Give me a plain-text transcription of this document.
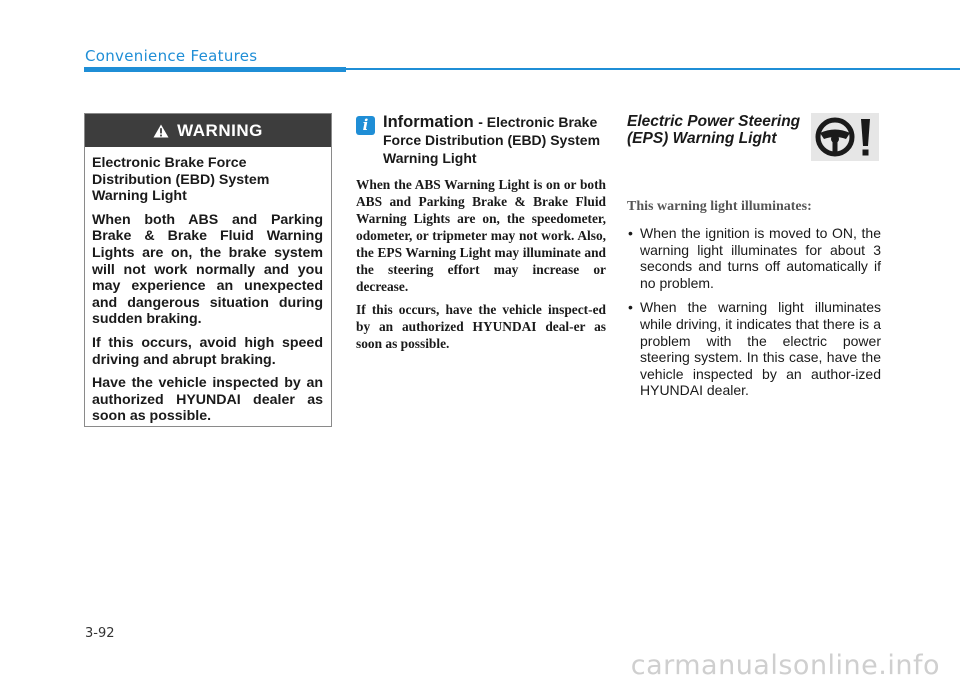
Convenience Features
WARNING

Electronic Brake Force Distribution (EBD) System Warning Light

When both ABS and Parking Brake & Brake Fluid Warning Lights are on, the brake system will not work normally and you may experience an unexpected and dangerous situation during sudden braking.

If this occurs, avoid high speed driving and abrupt braking.

Have the vehicle inspected by an authorized HYUNDAI dealer as soon as possible.

i Information - Electronic Brake Force Distribution (EBD) System Warning Light

When the ABS Warning Light is on or both ABS and Parking Brake & Brake Fluid Warning Lights are on, the speedometer, odometer, or tripmeter may not work. Also, the EPS Warning Light may illuminate and the steering effort may increase or decrease.

If this occurs, have the vehicle inspect-ed by an authorized HYUNDAI deal-er as soon as possible.

Electric Power Steering (EPS) Warning Light
This warning light illuminates:
• When the ignition is moved to ON, the warning light illuminates for about 3 seconds and turns off automatically if no problem.
• When the warning light illuminates while driving, it indicates that there is a problem with the electric power steering system. In this case, have the vehicle inspected by an author-ized HYUNDAI dealer.
3-92
carmanualsonline.info
